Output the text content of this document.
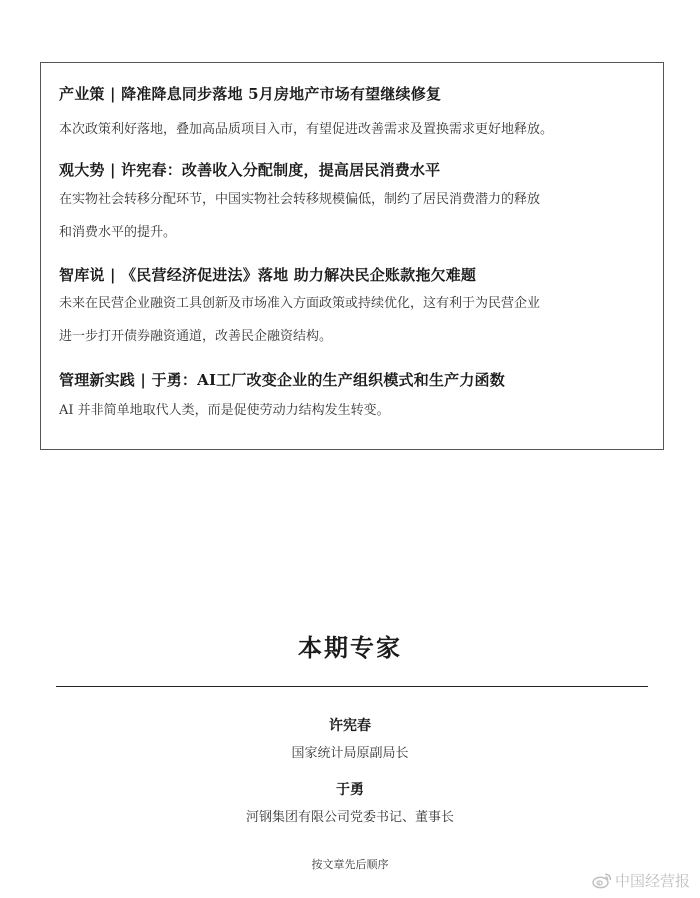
产业策 | 降准降息同步落地 5月房地产市场有望继续修复
本次政策利好落地，叠加高品质项目入市，有望促进改善需求及置换需求更好地释放。
观大势 | 许宪春：改善收入分配制度，提高居民消费水平
在实物社会转移分配环节，中国实物社会转移规模偏低，制约了居民消费潜力的释放
和消费水平的提升。
智库说 | 《民营经济促进法》落地 助力解决民企账款拖欠难题
未来在民营企业融资工具创新及市场准入方面政策或持续优化，这有利于为民营企业
进一步打开债券融资通道，改善民企融资结构。
管理新实践 | 于勇：AI工厂改变企业的生产组织模式和生产力函数
AI 并非简单地取代人类，而是促使劳动力结构发生转变。
本期专家
许宪春
国家统计局原副局长
于勇
河钢集团有限公司党委书记、董事长
按文章先后顺序
中国经营报
